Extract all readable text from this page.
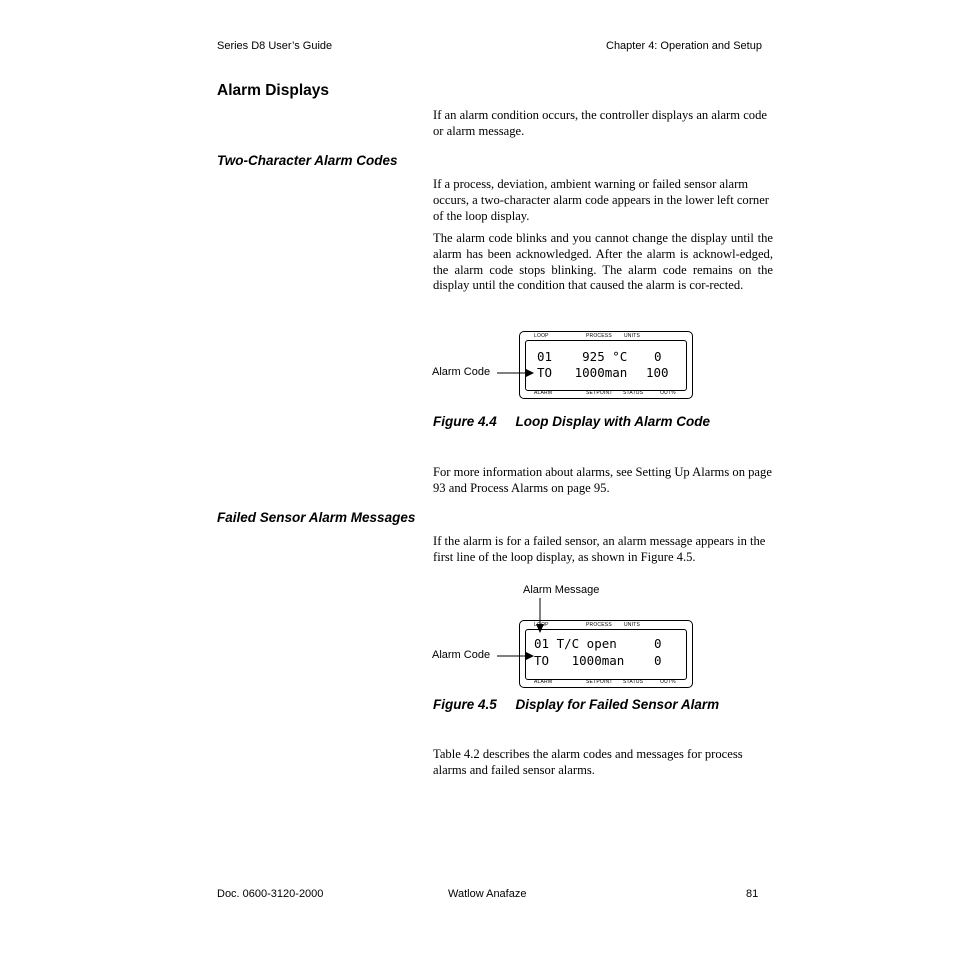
Series D8 User’s Guide	Chapter 4: Operation and Setup
Alarm Displays
If an alarm condition occurs, the controller displays an alarm code or alarm message.
Two-Character Alarm Codes
If a process, deviation, ambient warning or failed sensor alarm occurs, a two-character alarm code appears in the lower left corner of the loop display.
The alarm code blinks and you cannot change the display until the alarm has been acknowledged. After the alarm is acknowl-edged, the alarm code stops blinking. The alarm code remains on the display until the condition that caused the alarm is cor-rected.
LOOP	PROCESS UNITS
01    925 °C 0
TO   1000man 100
ALARM	SETPOINT STATUS	OUT%
Alarm Code
Figure 4.4     Loop Display with Alarm Code
For more information about alarms, see Setting Up Alarms on page 93 and Process Alarms on page 95.
Failed Sensor Alarm Messages
If the alarm is for a failed sensor, an alarm message appears in the first line of the loop display, as shown in Figure 4.5.
Alarm Message
LOOP	PROCESS UNITS
01 T/C open	0
TO   1000man 0
ALARM	SETPOINT STATUS	OUT%
Alarm Code
Figure 4.5     Display for Failed Sensor Alarm
Table 4.2 describes the alarm codes and messages for process alarms and failed sensor alarms.
Doc. 0600-3120-2000	Watlow Anafaze	81
